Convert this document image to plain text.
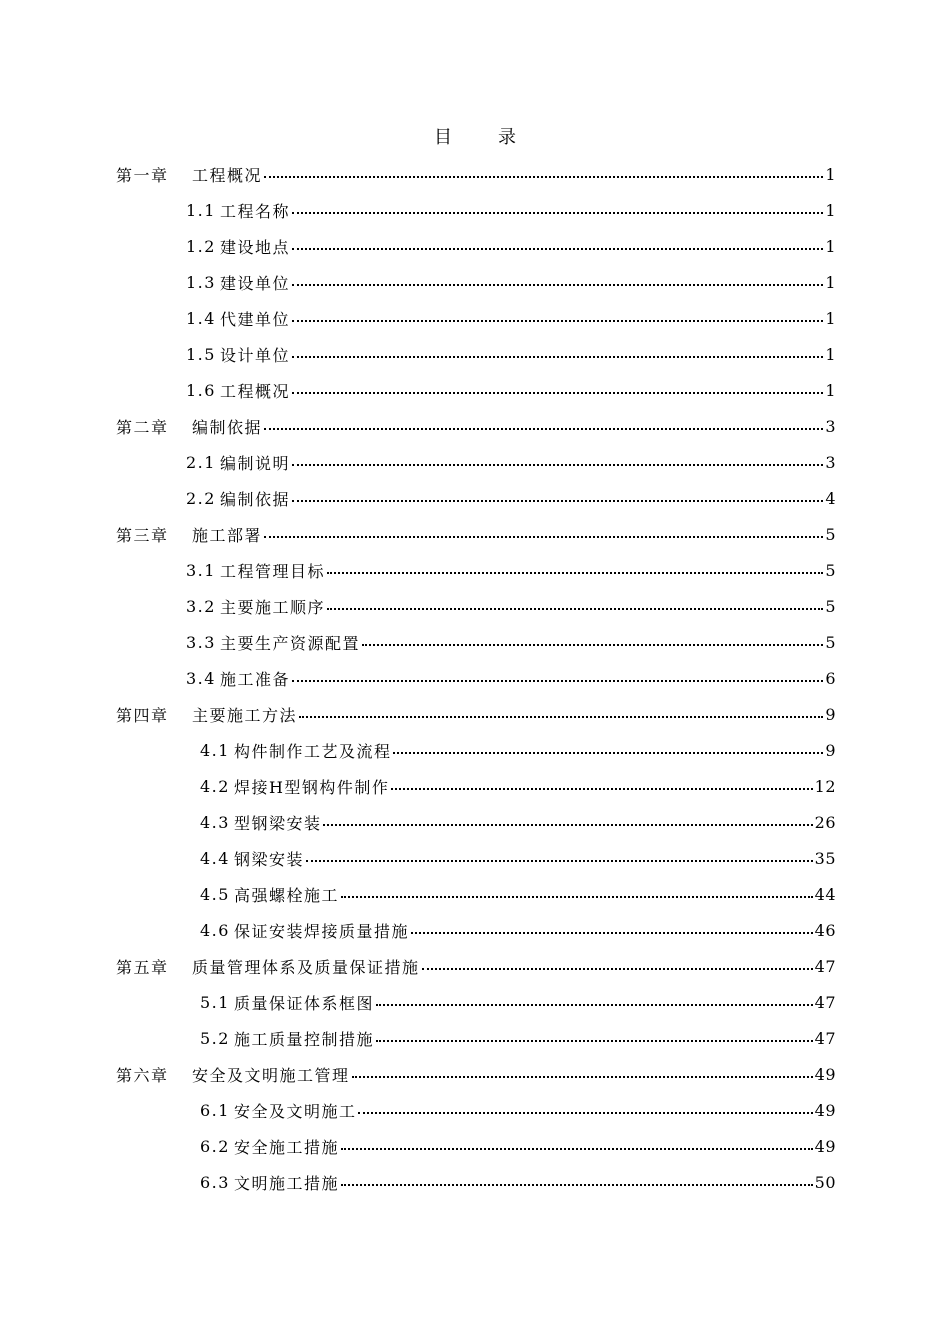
目	录
第一章	工程概况	1
1.1 工程名称	1
1.2 建设地点	1
1.3 建设单位	1
1.4 代建单位	1
1.5 设计单位	1
1.6 工程概况	1
第二章	编制依据	3
2.1 编制说明	3
2.2 编制依据	4
第三章	施工部署	5
3.1 工程管理目标	5
3.2 主要施工顺序	5
3.3 主要生产资源配置	5
3.4 施工准备	6
第四章	主要施工方法	9
4.1 构件制作工艺及流程	9
4.2 焊接H型钢构件制作	12
4.3 型钢梁安装	26
4.4 钢梁安装	35
4.5 高强螺栓施工	44
4.6 保证安装焊接质量措施	46
第五章	质量管理体系及质量保证措施	47
5.1 质量保证体系框图	47
5.2 施工质量控制措施	47
第六章	安全及文明施工管理	49
6.1 安全及文明施工	49
6.2 安全施工措施	49
6.3 文明施工措施	50
